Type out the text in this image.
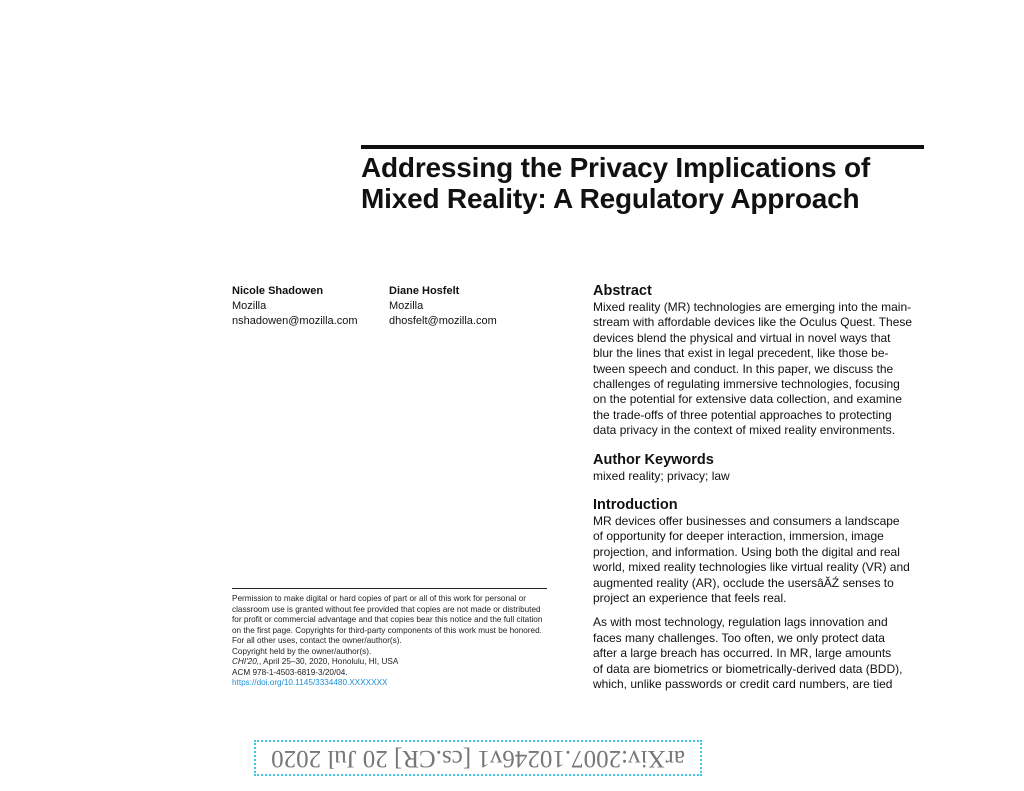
Addressing the Privacy Implications of
Mixed Reality: A Regulatory Approach
Nicole Shadowen
Mozilla
nshadowen@mozilla.com
Diane Hosfelt
Mozilla
dhosfelt@mozilla.com
Abstract
Mixed reality (MR) technologies are emerging into the main-
stream with affordable devices like the Oculus Quest. These
devices blend the physical and virtual in novel ways that
blur the lines that exist in legal precedent, like those be-
tween speech and conduct. In this paper, we discuss the
challenges of regulating immersive technologies, focusing
on the potential for extensive data collection, and examine
the trade-offs of three potential approaches to protecting
data privacy in the context of mixed reality environments.
Author Keywords
mixed reality; privacy; law
Introduction
MR devices offer businesses and consumers a landscape
of opportunity for deeper interaction, immersion, image
projection, and information. Using both the digital and real
world, mixed reality technologies like virtual reality (VR) and
augmented reality (AR), occlude the usersâĂŹ senses to
project an experience that feels real.
As with most technology, regulation lags innovation and
faces many challenges. Too often, we only protect data
after a large breach has occurred. In MR, large amounts
of data are biometrics or biometrically-derived data (BDD),
which, unlike passwords or credit card numbers, are tied
Permission to make digital or hard copies of part or all of this work for personal or
classroom use is granted without fee provided that copies are not made or distributed
for profit or commercial advantage and that copies bear this notice and the full citation
on the first page. Copyrights for third-party components of this work must be honored.
For all other uses, contact the owner/author(s).
Copyright held by the owner/author(s).
CHI'20,, April 25–30, 2020, Honolulu, HI, USA
ACM 978-1-4503-6819-3/20/04.
https://doi.org/10.1145/3334480.XXXXXXX
arXiv:2007.10246v1 [cs.CR] 20 Jul 2020
